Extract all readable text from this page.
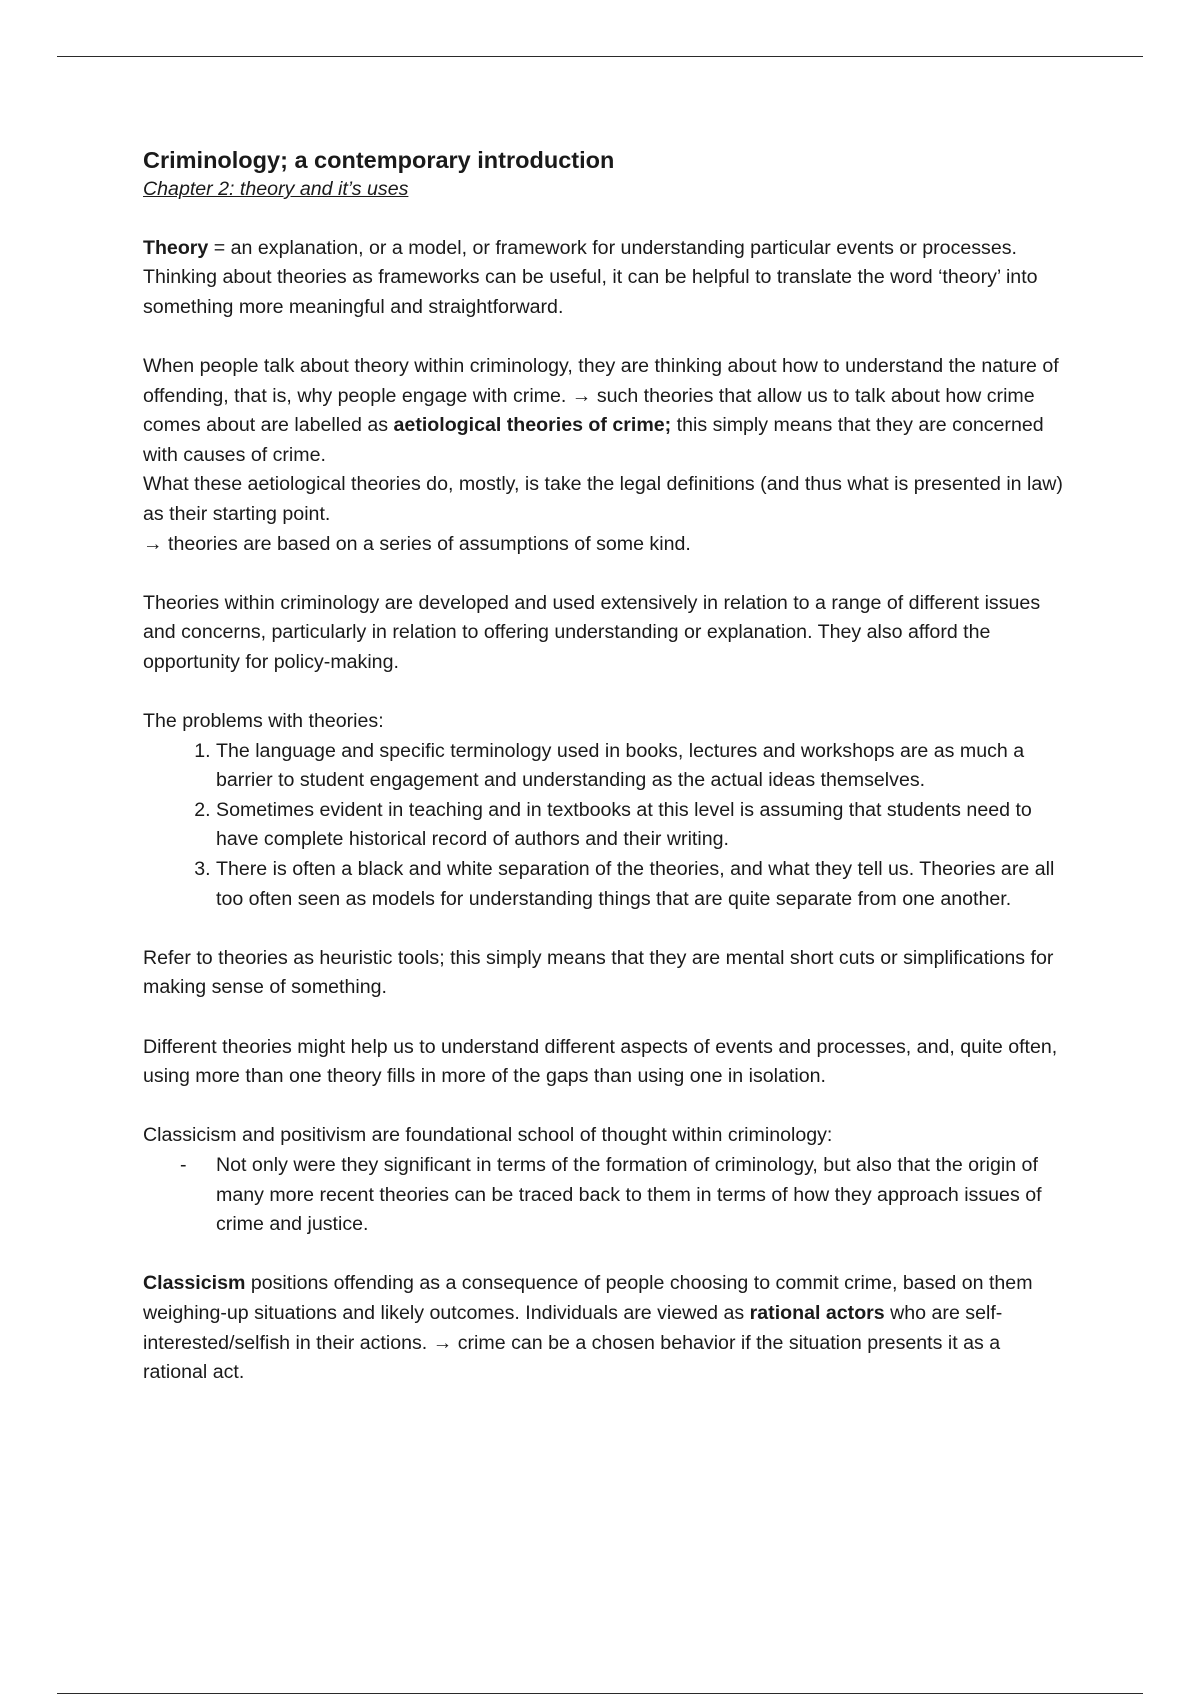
Criminology; a contemporary introduction

Chapter 2: theory and it’s uses

Theory = an explanation, or a model, or framework for understanding particular events or processes.

Thinking about theories as frameworks can be useful, it can be helpful to translate the word ‘theory’ into something more meaningful and straightforward.

When people talk about theory within criminology, they are thinking about how to understand the nature of offending, that is, why people engage with crime. → such theories that allow us to talk about how crime comes about are labelled as aetiological theories of crime; this simply means that they are concerned with causes of crime.

What these aetiological theories do, mostly, is take the legal definitions (and thus what is presented in law) as their starting point.

→ theories are based on a series of assumptions of some kind.

Theories within criminology are developed and used extensively in relation to a range of different issues and concerns, particularly in relation to offering understanding or explanation. They also afford the opportunity for policy-making.

The problems with theories:

1. The language and specific terminology used in books, lectures and workshops are as much a barrier to student engagement and understanding as the actual ideas themselves.
2. Sometimes evident in teaching and in textbooks at this level is assuming that students need to have complete historical record of authors and their writing.
3. There is often a black and white separation of the theories, and what they tell us. Theories are all too often seen as models for understanding things that are quite separate from one another.

Refer to theories as heuristic tools; this simply means that they are mental short cuts or simplifications for making sense of something.

Different theories might help us to understand different aspects of events and processes, and, quite often, using more than one theory fills in more of the gaps than using one in isolation.

Classicism and positivism are foundational school of thought within criminology:

- Not only were they significant in terms of the formation of criminology, but also that the origin of many more recent theories can be traced back to them in terms of how they approach issues of crime and justice.

Classicism positions offending as a consequence of people choosing to commit crime, based on them weighing-up situations and likely outcomes. Individuals are viewed as rational actors who are self-interested/selfish in their actions. → crime can be a chosen behavior if the situation presents it as a rational act.
